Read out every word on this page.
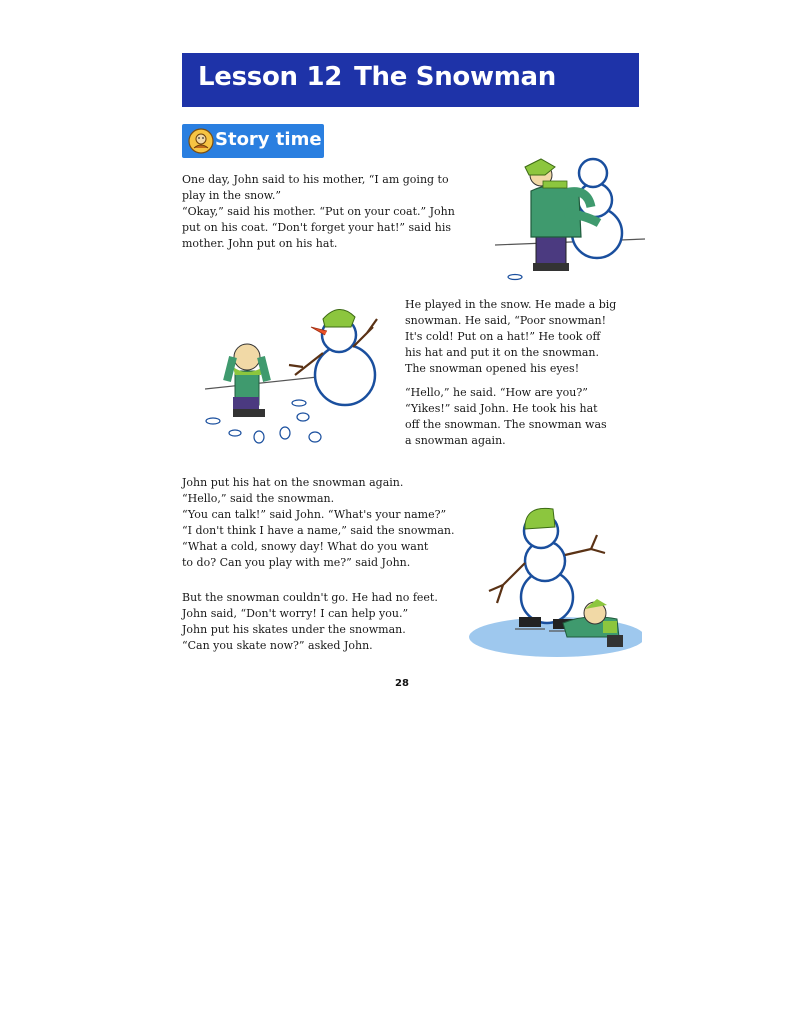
Lesson 12 The Snowman
Story time
One day, John said to his mother, “I am going to
play in the snow.”
“Okay,” said his mother. “Put on your coat.” John
put on his coat. “Don't forget your hat!” said his
mother. John put on his hat.
He played in the snow. He made a big
snowman. He said, “Poor snowman!
It's cold! Put on a hat!” He took off
his hat and put it on the snowman.
The snowman opened his eyes!
“Hello,” he said. “How are you?”
“Yikes!” said John. He took his hat
off the snowman. The snowman was
a snowman again.
John put his hat on the snowman again.
“Hello,” said the snowman.
“You can talk!” said John. “What's your name?”
“I don't think I have a name,” said the snowman.
“What a cold, snowy day! What do you want
to do? Can you play with me?” said John.
But the snowman couldn't go. He had no feet.
John said, “Don't worry! I can help you.”
John put his skates under the snowman.
“Can you skate now?” asked John.
28
